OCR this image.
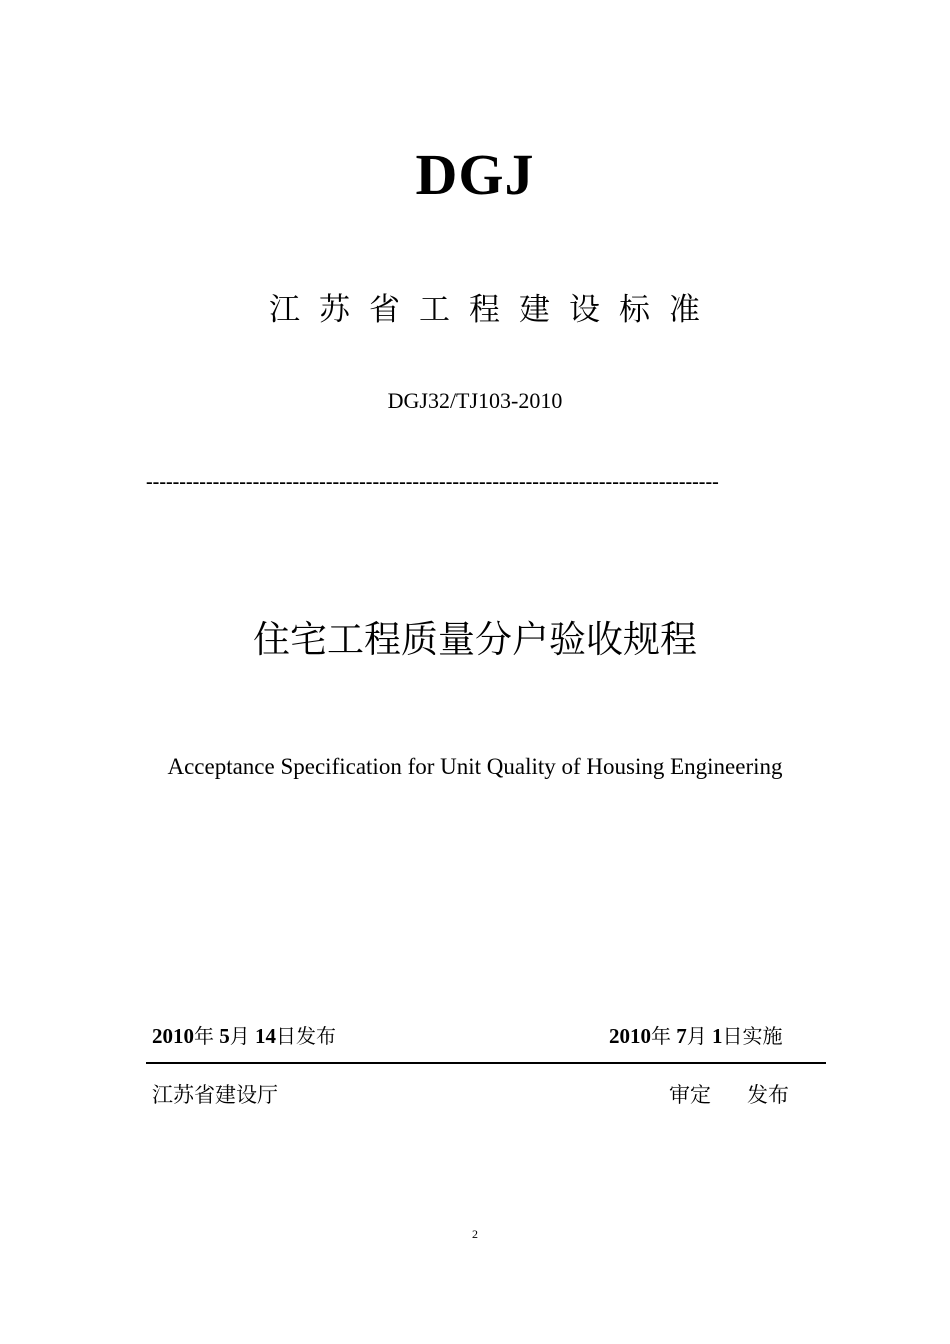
DGJ
江苏省工程建设标准
DGJ32/TJ103-2010
--------------------------------------------------------------------------------------
住宅工程质量分户验收规程
Acceptance Specification for Unit Quality of Housing Engineering
2010年 5月 14日发布	2010年 7月 1日实施
江苏省建设厅	审定 发布
2
